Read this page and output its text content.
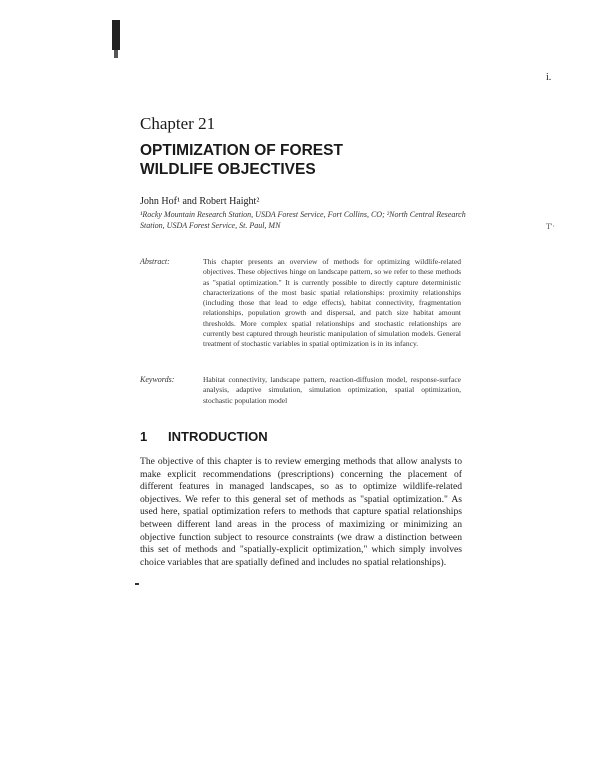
i.
T'·
Chapter 21
OPTIMIZATION OF FOREST WILDLIFE OBJECTIVES
John Hof¹ and Robert Haight²
¹Rocky Mountain Research Station, USDA Forest Service, Fort Collins, CO; ²North Central Research Station, USDA Forest Service, St. Paul, MN
Abstract:	This chapter presents an overview of methods for optimizing wildlife-related objectives. These objectives hinge on landscape pattern, so we refer to these methods as "spatial optimization." It is currently possible to directly capture deterministic characterizations of the most basic spatial relationships: proximity relationships (including those that lead to edge effects), habitat connectivity, fragmentation relationships, population growth and dispersal, and patch size habitat amount thresholds. More complex spatial relationships and stochastic relationships are currently best captured through heuristic manipulation of simulation models. General treatment of stochastic variables in spatial optimization is in its infancy.
Keywords:	Habitat connectivity, landscape pattern, reaction-diffusion model, response-surface analysis, adaptive simulation, simulation optimization, spatial optimization, stochastic population model
1 INTRODUCTION
The objective of this chapter is to review emerging methods that allow analysts to make explicit recommendations (prescriptions) concerning the placement of different features in managed landscapes, so as to optimize wildlife-related objectives. We refer to this general set of methods as "spatial optimization." As used here, spatial optimization refers to methods that capture spatial relationships between different land areas in the process of maximizing or minimizing an objective function subject to resource constraints (we draw a distinction between this set of methods and "spatially-explicit optimization," which simply involves choice variables that are spatially defined and includes no spatial relationships).
